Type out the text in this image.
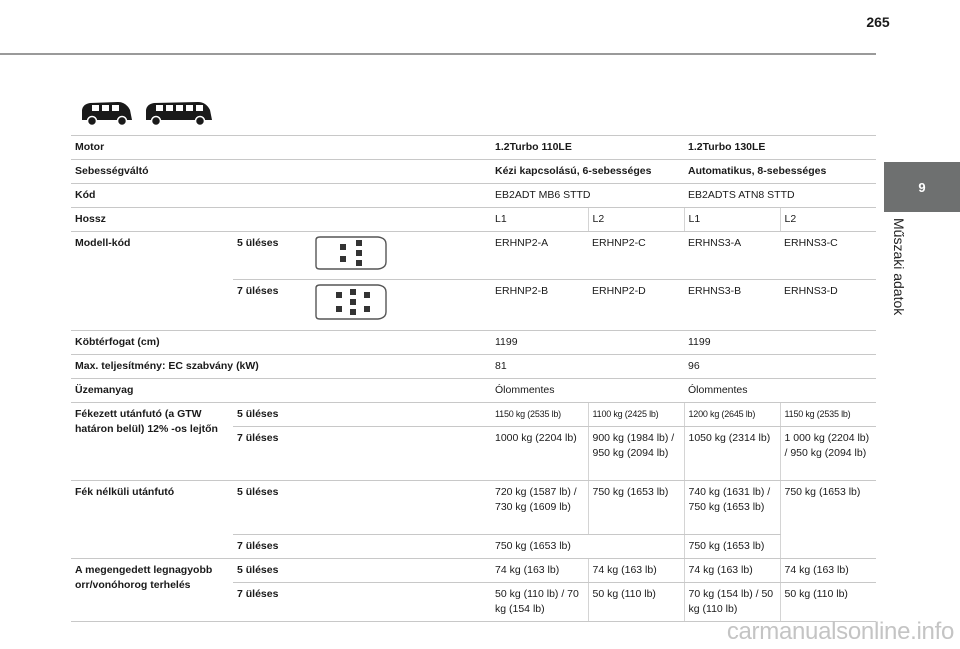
265
9
Műszaki adatok
Motor			1.2Turbo 110LE		1.2Turbo 130LE	
Sebességváltó			Kézi kapcsolású, 6-sebességes		Automatikus, 8-sebességes	
Kód			EB2ADT MB6 STTD		EB2ADTS ATN8 STTD	
Hossz			L1	L2	L1	L2
Modell-kód	5 üléses		ERHNP2-A	ERHNP2-C	ERHNS3-A	ERHNS3-C
	7 üléses		ERHNP2-B	ERHNP2-D	ERHNS3-B	ERHNS3-D
Köbtérfogat (cm)			1199		1199	
Max. teljesítmény: EC szabvány (kW)			81		96	
Üzemanyag			Ólommentes		Ólommentes	
Fékezett utánfutó (a GTW határon belül) 12% -os lejtőn	5 üléses		1150 kg (2535 lb)	1100 kg (2425 lb)	1200 kg (2645 lb)	1150 kg (2535 lb)
	7 üléses		1000 kg (2204 lb)	900 kg (1984 lb) / 950 kg (2094 lb)	1050 kg (2314 lb)	1 000 kg (2204 lb) / 950 kg (2094 lb)
Fék nélküli utánfutó	5 üléses		720 kg (1587 lb) / 730 kg (1609 lb)	750 kg (1653 lb)	740 kg (1631 lb) / 750 kg (1653 lb)	750 kg (1653 lb)
	7 üléses		750 kg (1653 lb)		750 kg (1653 lb)	
A megengedett legnagyobb orr/vonóhorog terhelés	5 üléses		74 kg (163 lb)	74 kg (163 lb)	74 kg (163 lb)	74 kg (163 lb)
	7 üléses		50 kg (110 lb) / 70 kg (154 lb)	50 kg (110 lb)	70 kg (154 lb) / 50 kg (110 lb)	50 kg (110 lb)
carmanualsonline.info
